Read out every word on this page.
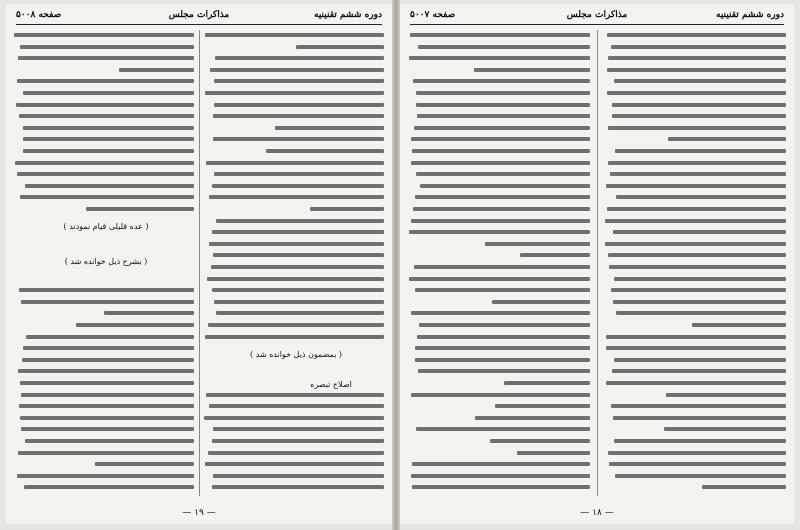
دوره ششم تقنینیه
مذاکرات مجلس
صفحه ۵۰۰۸
( عده قلیلی قیام نمودند )
( بشرح ذیل خوانده شد )
( بمضمون ذیل خوانده شد )
اصلاح تبصره
— ۱۹ —
دوره ششم تقنینیه
مذاکرات مجلس
صفحه ۵۰۰۷
— ۱۸ —
